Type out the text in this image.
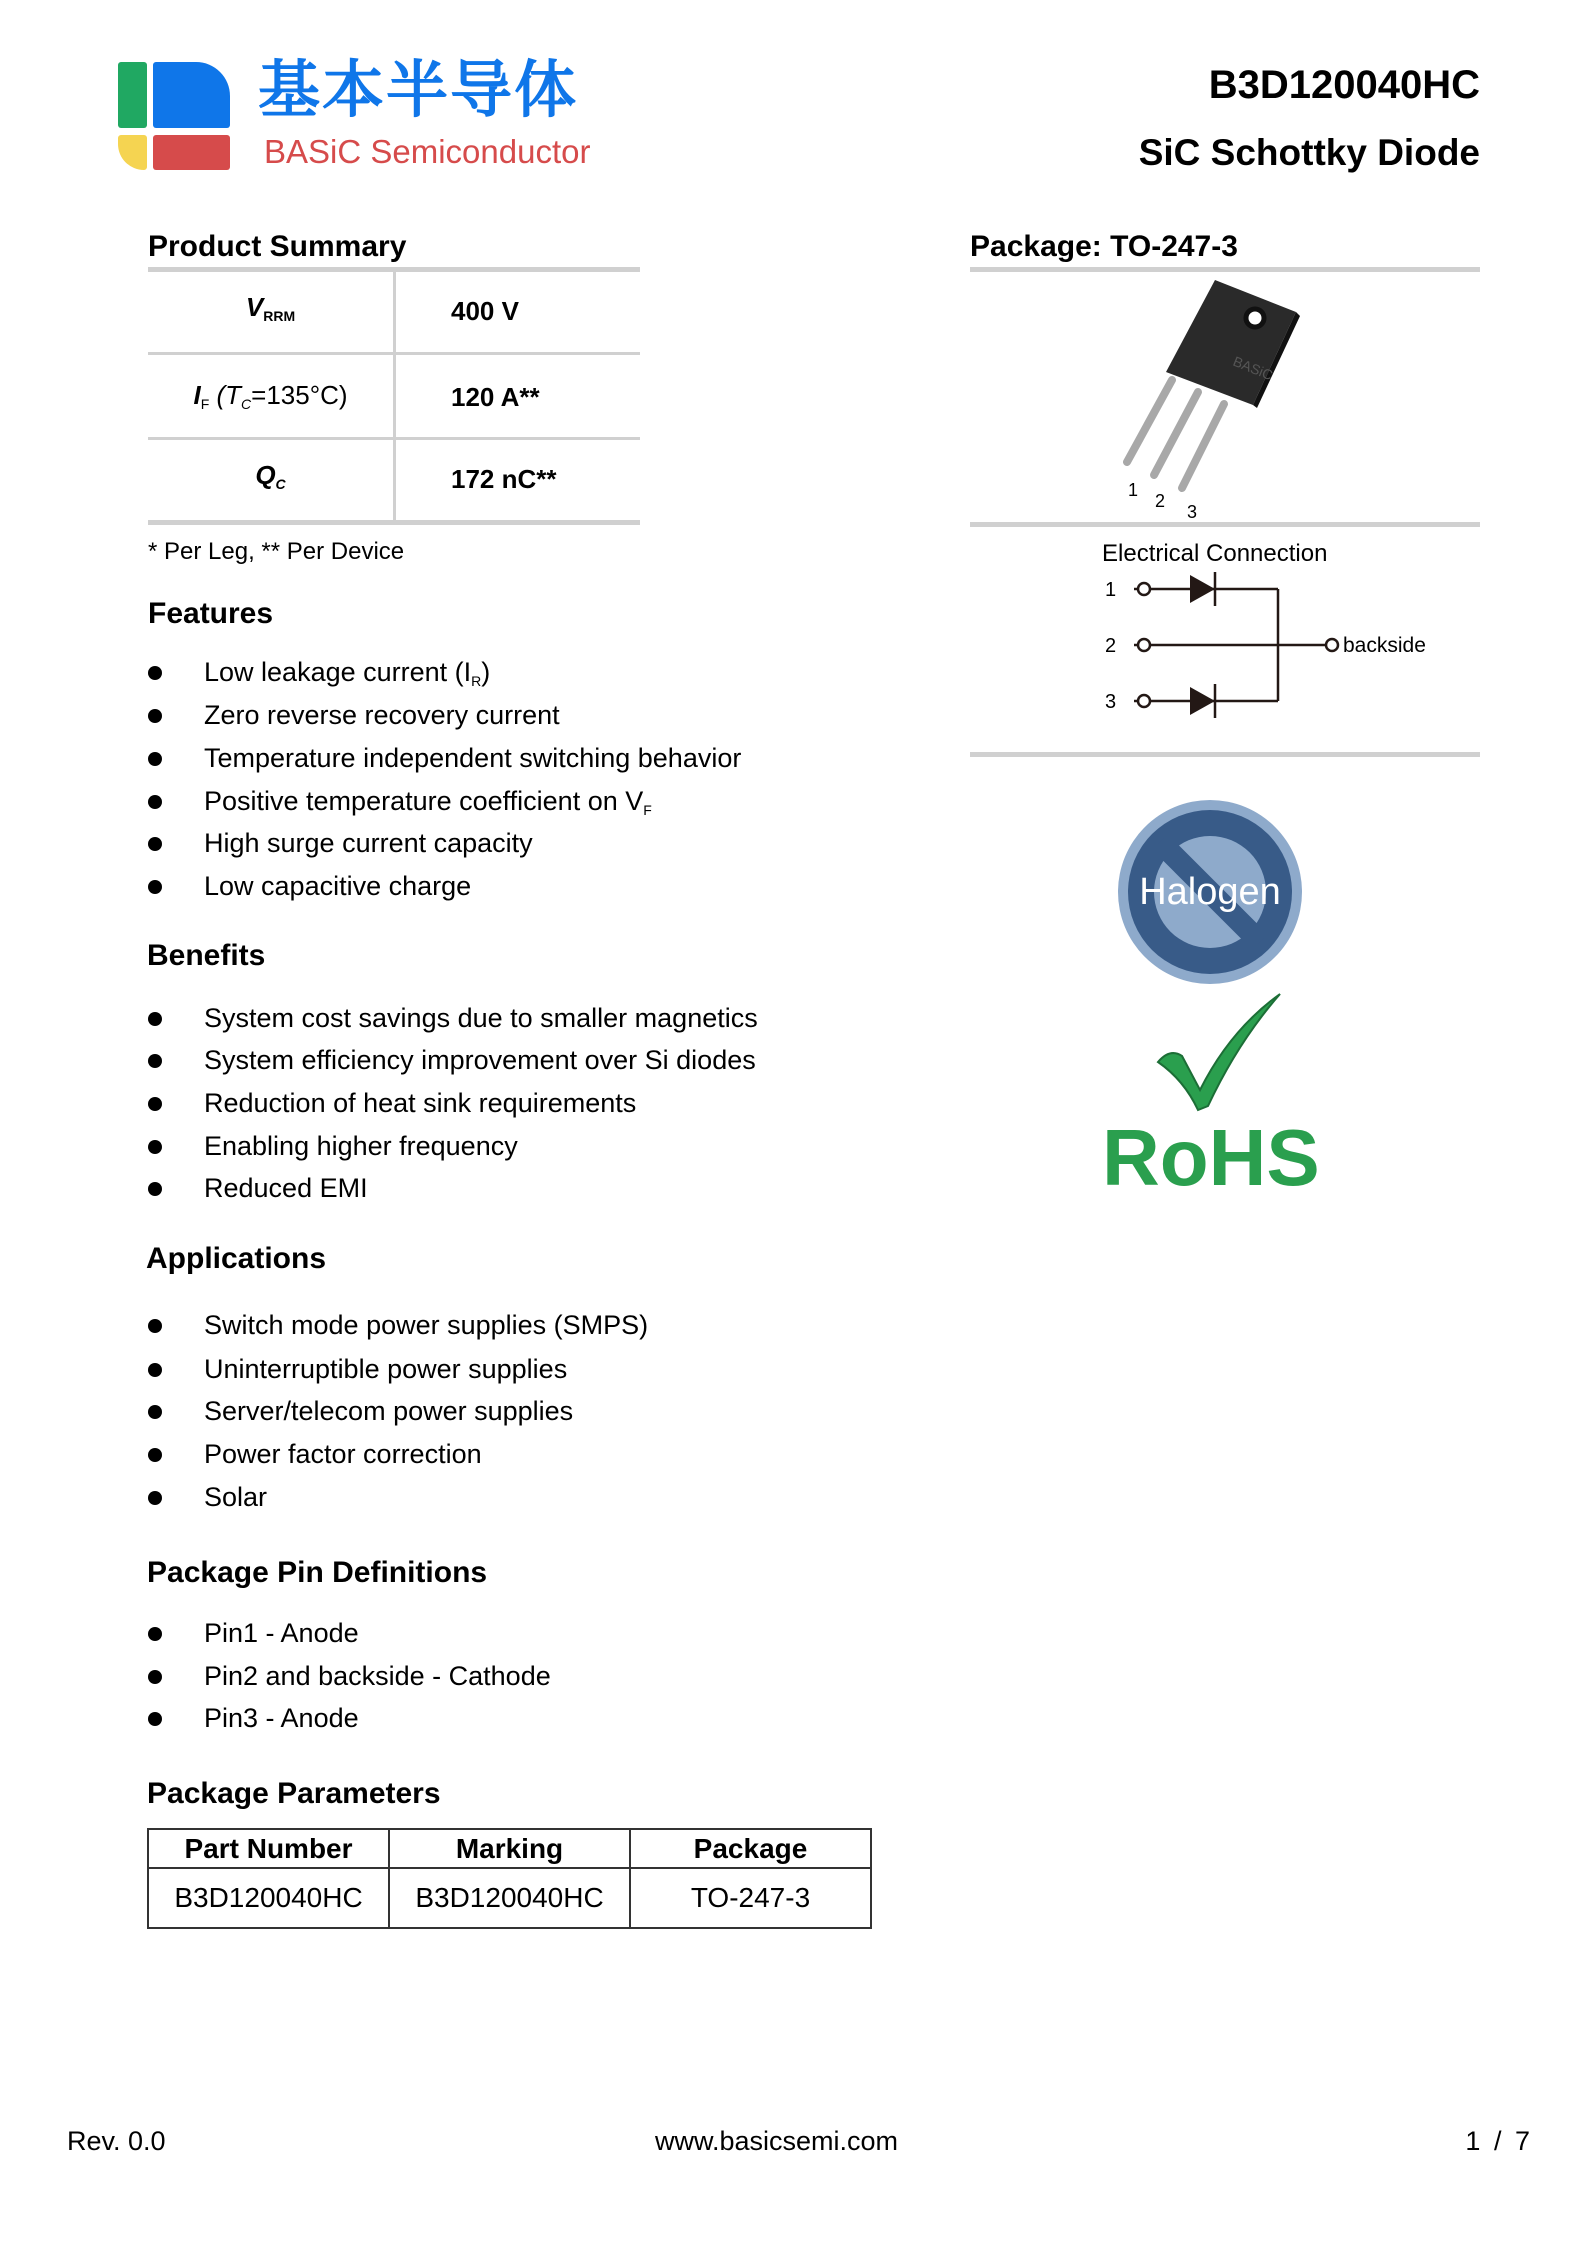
基本半导体
BASiC Semiconductor
B3D120040HC
SiC Schottky Diode
Product Summary
$V_{RRM}$	400 V
$I_F$ $(T_C=135^\circ C)$	120 A**
$Q_C$	172 nC**
* Per Leg, ** Per Device
Package: TO-247-3
BASiC
1
2
3
Electrical Connection
1
2
3
backside
Halogen
RoHS
Features
Low leakage current $(I_R)$
Zero reverse recovery current
Temperature independent switching behavior
Positive temperature coefficient on $V_F$
High surge current capacity
Low capacitive charge
Benefits
System cost savings due to smaller magnetics
System efficiency improvement over Si diodes
Reduction of heat sink requirements
Enabling higher frequency
Reduced EMI
Applications
Switch mode power supplies (SMPS)
Uninterruptible power supplies
Server/telecom power supplies
Power factor correction
Solar
Package Pin Definitions
Pin1 - Anode
Pin2 and backside - Cathode
Pin3 - Anode
Package Parameters
Part Number	Marking	Package
B3D120040HC	B3D120040HC	TO-247-3
Rev. 0.0	www.basicsemi.com	1 / 7
